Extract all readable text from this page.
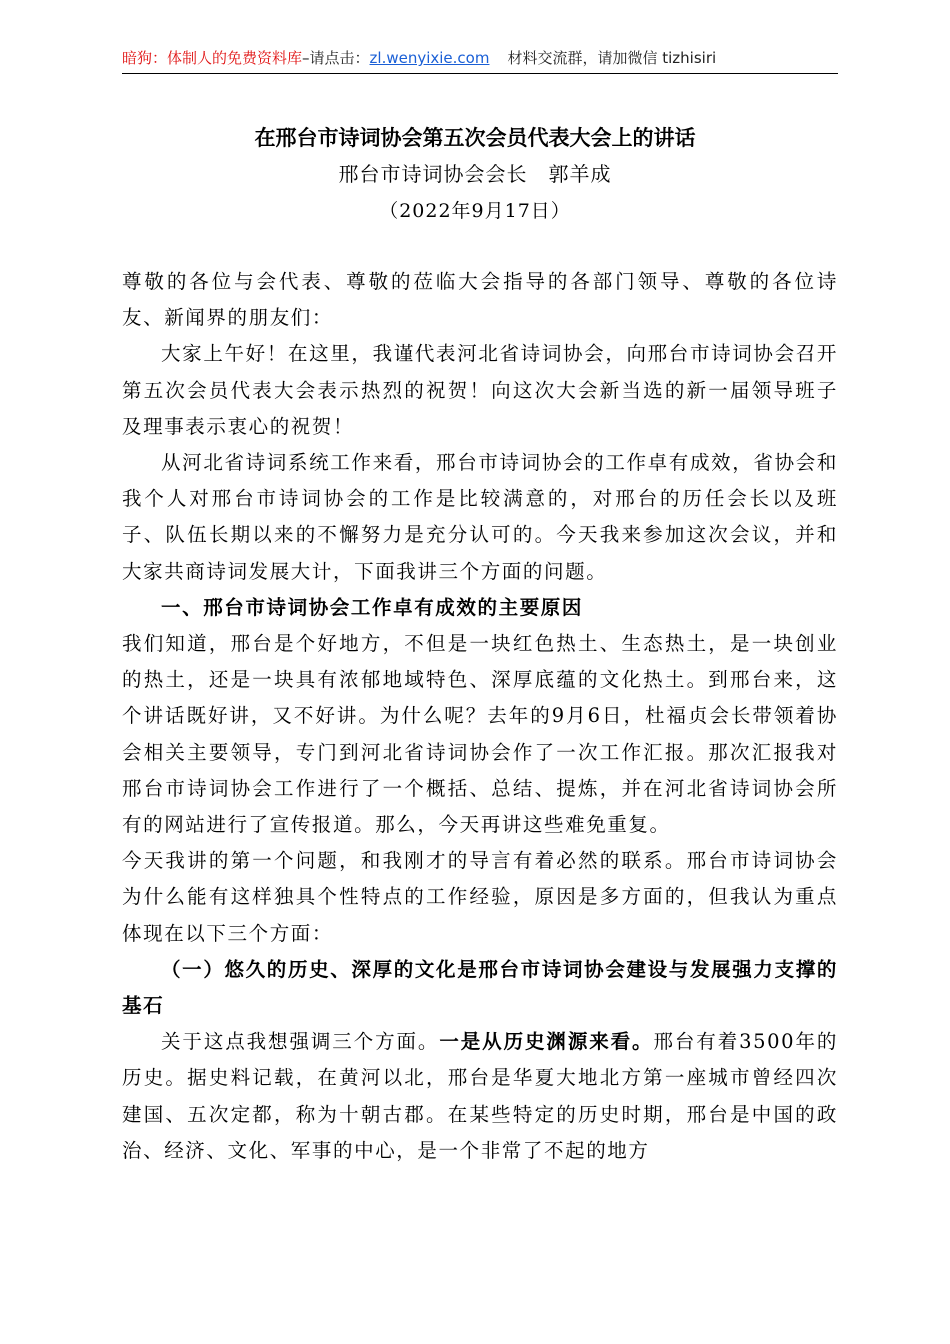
暗狗：体制人的免费资料库–请点击：zl.wenyixie.com 材料交流群，请加微信 tizhisiri
在邢台市诗词协会第五次会员代表大会上的讲话
邢台市诗词协会会长　郭羊成
（2022年9月17日）

尊敬的各位与会代表、尊敬的莅临大会指导的各部门领导、尊敬的各位诗友、新闻界的朋友们：

大家上午好！在这里，我谨代表河北省诗词协会，向邢台市诗词协会召开第五次会员代表大会表示热烈的祝贺！向这次大会新当选的新一届领导班子及理事表示衷心的祝贺！

从河北省诗词系统工作来看，邢台市诗词协会的工作卓有成效，省协会和我个人对邢台市诗词协会的工作是比较满意的，对邢台的历任会长以及班子、队伍长期以来的不懈努力是充分认可的。今天我来参加这次会议，并和大家共商诗词发展大计，下面我讲三个方面的问题。

一、邢台市诗词协会工作卓有成效的主要原因

我们知道，邢台是个好地方，不但是一块红色热土、生态热土，是一块创业的热土，还是一块具有浓郁地域特色、深厚底蕴的文化热土。到邢台来，这个讲话既好讲，又不好讲。为什么呢？去年的9月6日，杜福贞会长带领着协会相关主要领导，专门到河北省诗词协会作了一次工作汇报。那次汇报我对邢台市诗词协会工作进行了一个概括、总结、提炼，并在河北省诗词协会所有的网站进行了宣传报道。那么，今天再讲这些难免重复。

今天我讲的第一个问题，和我刚才的导言有着必然的联系。邢台市诗词协会为什么能有这样独具个性特点的工作经验，原因是多方面的，但我认为重点体现在以下三个方面：

（一）悠久的历史、深厚的文化是邢台市诗词协会建设与发展强力支撑的基石

关于这点我想强调三个方面。一是从历史渊源来看。邢台有着3500年的历史。据史料记载，在黄河以北，邢台是华夏大地北方第一座城市曾经四次建国、五次定都，称为十朝古郡。在某些特定的历史时期，邢台是中国的政治、经济、文化、军事的中心，是一个非常了不起的地方
